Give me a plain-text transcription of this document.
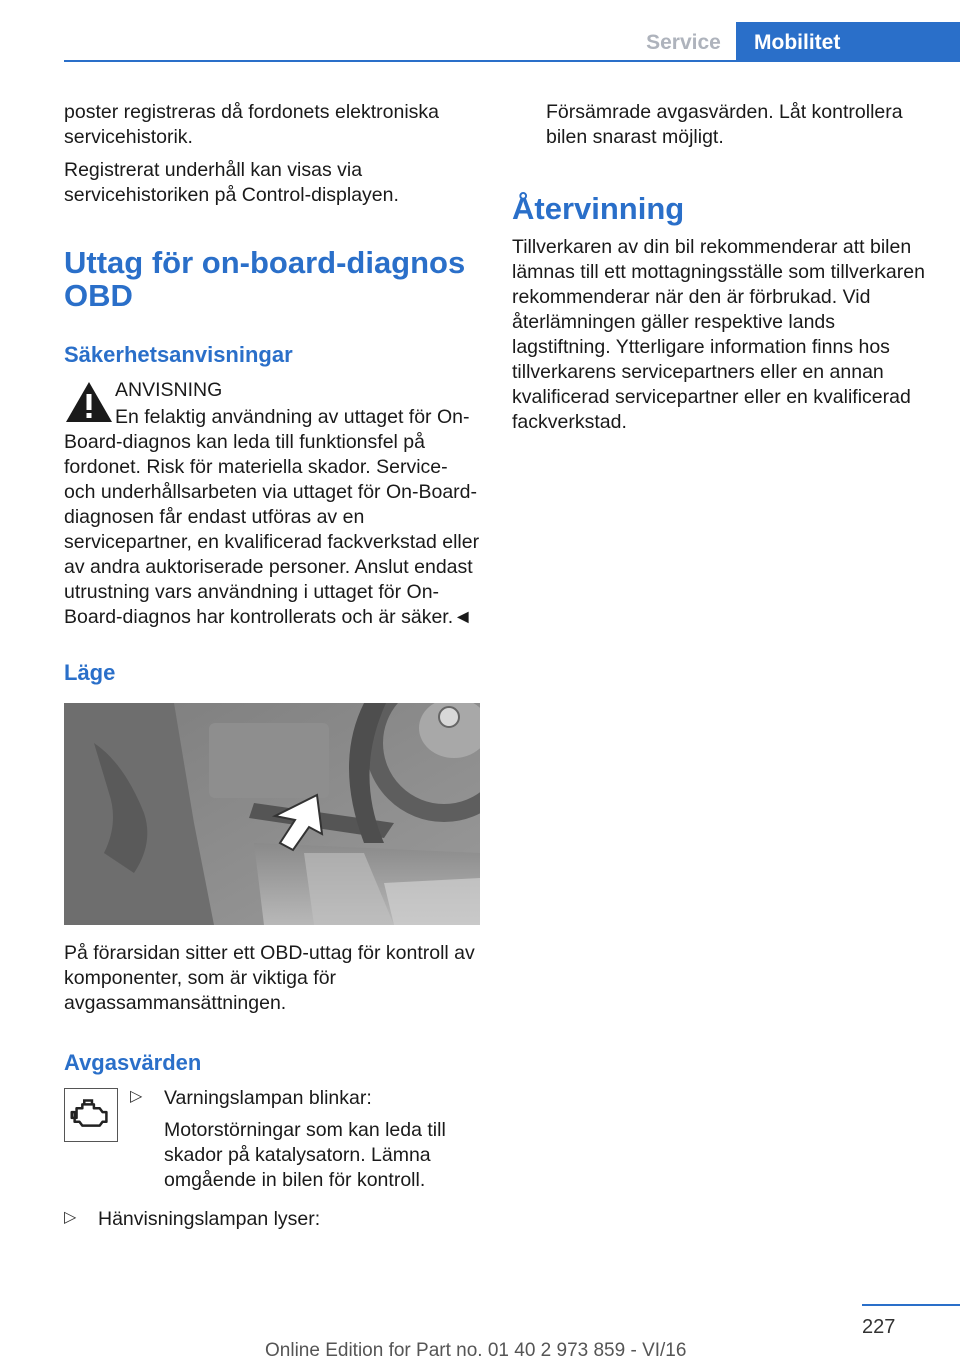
Service	Mobilitet

poster registreras då fordonets elektroniska servicehistorik.

Registrerat underhåll kan visas via servicehistoriken på Control-displayen.

Uttag för on-board-diagnos OBD
Säkerhetsanvisningar

ANVISNING

En felaktig användning av uttaget för On-Board-diagnos kan leda till funktionsfel på fordonet. Risk för materiella skador. Service- och underhållsarbeten via uttaget för On-Board-diagnosen får endast utföras av en servicepartner, en kvalificerad fackverkstad eller av andra auktoriserade personer. Anslut endast utrustning vars användning i uttaget för On-Board-diagnos har kontrollerats och är säker.◄

Läge

På förarsidan sitter ett OBD-uttag för kontroll av komponenter, som är viktiga för avgassammansättningen.

Avgasvärden
▷ Varningslampan blinkar:

Motorstörningar som kan leda till skador på katalysatorn. Lämna omgående in bilen för kontroll.

▷	Hänvisningslampan lyser:

Försämrade avgasvärden. Låt kontrollera bilen snarast möjligt.

Återvinning

Tillverkaren av din bil rekommenderar att bilen lämnas till ett mottagningsställe som tillverkaren rekommenderar när den är förbrukad. Vid återlämningen gäller respektive lands lagstiftning. Ytterligare information finns hos tillverkarens servicepartners eller en annan kvalificerad servicepartner eller en kvalificerad fackverkstad.

227
Online Edition for Part no. 01 40 2 973 859 - VI/16
